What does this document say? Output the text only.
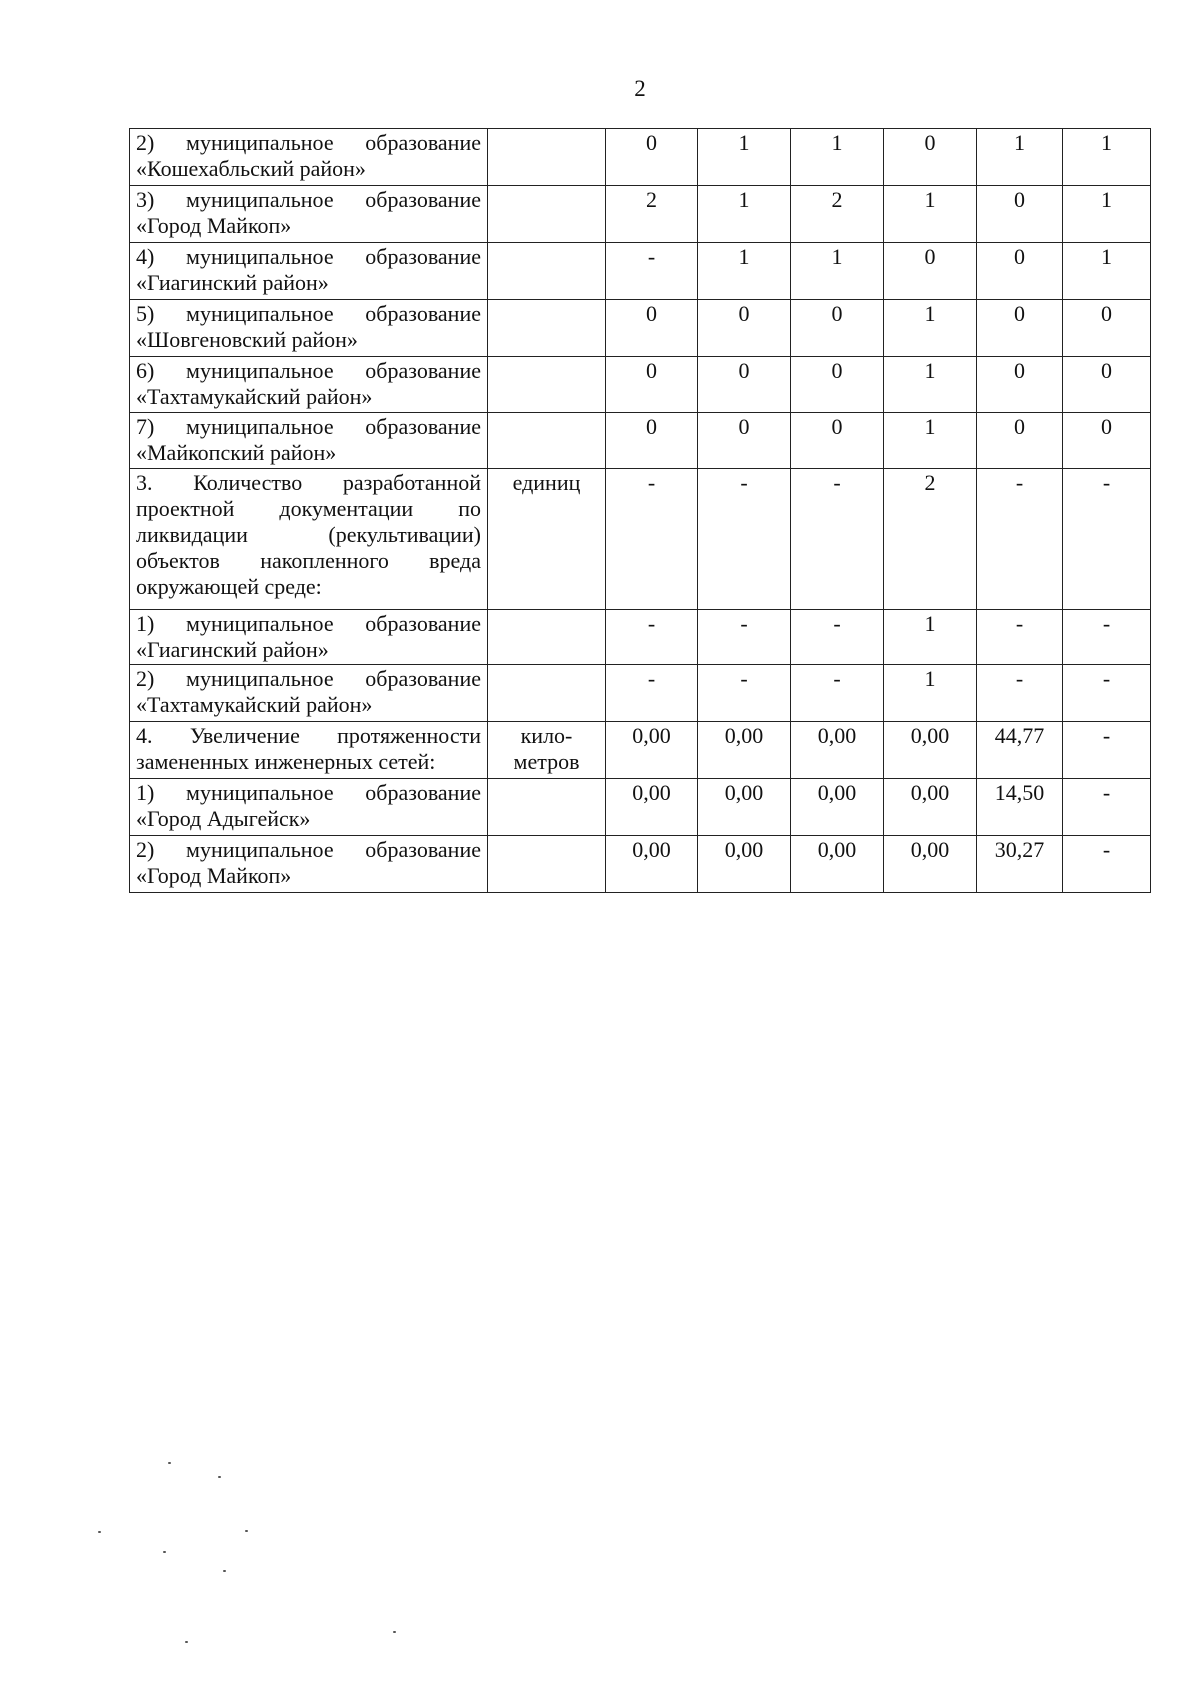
2
2) муниципальное образование
«Кошехабльский район»		0	1	1	0	1	1

3) муниципальное образование
«Город Майкоп»		2	1	2	1	0	1

4) муниципальное образование
«Гиагинский район»		-	1	1	0	0	1

5) муниципальное образование
«Шовгеновский район»		0	0	0	1	0	0

6) муниципальное образование
«Тахтамукайский район»		0	0	0	1	0	0

7) муниципальное образование
«Майкопский район»		0	0	0	1	0	0

3. Количество разработанной
проектной документации по
ликвидации (рекультивации)
объектов накопленного вреда
окружающей среде:	единиц	-	-	-	2	-	-

1) муниципальное образование
«Гиагинский район»		-	-	-	1	-	-

2) муниципальное образование
«Тахтамукайский район»		-	-	-	1	-	-

4. Увеличение протяженности
замененных инженерных сетей:	кило-
метров	0,00	0,00	0,00	0,00	44,77	-

1) муниципальное образование
«Город Адыгейск»		0,00	0,00	0,00	0,00	14,50	-

2) муниципальное образование
«Город Майкоп»		0,00	0,00	0,00	0,00	30,27	-
